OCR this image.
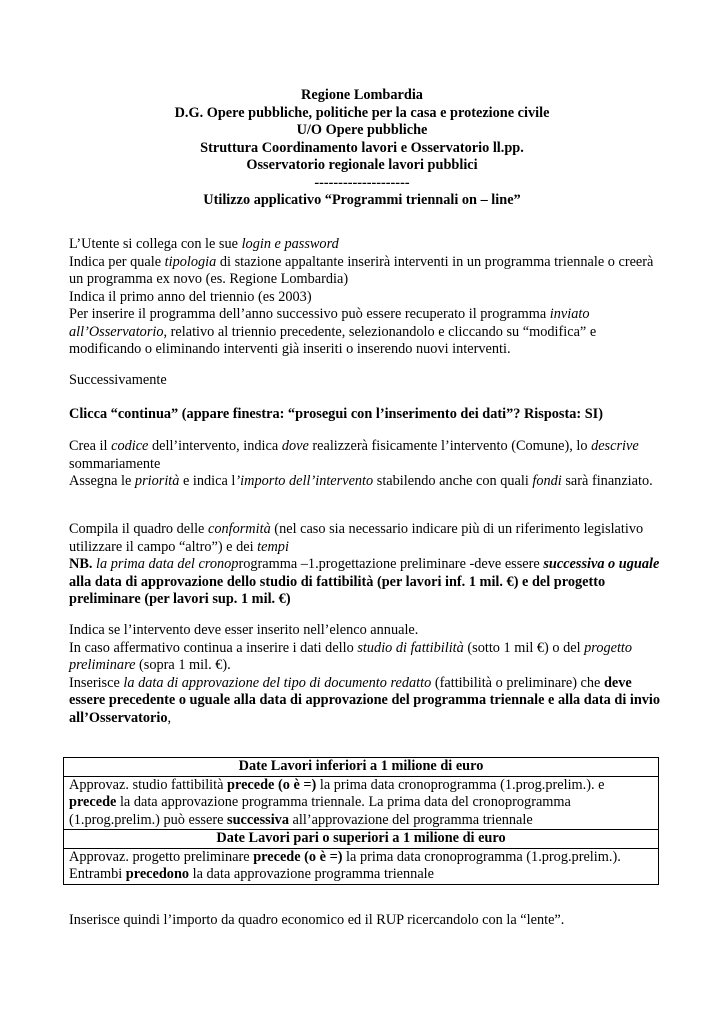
Regione Lombardia
D.G. Opere pubbliche, politiche per la casa e protezione civile
U/O Opere pubbliche
Struttura Coordinamento lavori e Osservatorio ll.pp.
Osservatorio regionale lavori pubblici
--------------------
Utilizzo applicativo “Programmi triennali on – line”

L’Utente si collega con le sue login e password

Indica per quale tipologia di stazione appaltante inserirà interventi in un programma triennale o creerà un programma ex novo (es. Regione Lombardia)

Indica il primo anno del triennio (es 2003)

Per inserire il programma dell’anno successivo può essere recuperato il programma inviato all’Osservatorio, relativo al triennio precedente, selezionandolo e cliccando su “modifica” e modificando o eliminando interventi già inseriti o inserendo nuovi interventi.

Successivamente

Clicca “continua” (appare finestra: “prosegui con l’inserimento dei dati”? Risposta: SI)

Crea il codice dell’intervento, indica dove realizzerà fisicamente l’intervento (Comune), lo descrive sommariamente

Assegna le priorità e indica l’importo dell’intervento stabilendo anche con quali fondi sarà finanziato.

Compila il quadro delle conformità (nel caso sia necessario indicare più di un riferimento legislativo utilizzare il campo “altro”) e dei tempi

NB. la prima data del cronoprogramma –1.progettazione preliminare -deve essere successiva o uguale alla data di approvazione dello studio di fattibilità (per lavori inf. 1 mil. €) e del progetto preliminare (per lavori sup. 1 mil. €)

Indica se l’intervento deve esser inserito nell’elenco annuale.

In caso affermativo continua a inserire i dati dello studio di fattibilità (sotto 1 mil €) o del progetto preliminare (sopra 1 mil. €).

Inserisce la data di approvazione del tipo di documento redatto (fattibilità o preliminare) che deve essere precedente o uguale alla data di approvazione del programma triennale e alla data di invio all’Osservatorio,

Date Lavori inferiori a 1 milione di euro
Approvaz. studio fattibilità precede (o è =) la prima data cronoprogramma (1.prog.prelim.). e precede la data approvazione programma triennale. La prima data del cronoprogramma (1.prog.prelim.) può essere successiva all’approvazione del programma triennale
Date Lavori pari o superiori a 1 milione di euro
Approvaz. progetto preliminare precede (o è =) la prima data cronoprogramma (1.prog.prelim.). Entrambi precedono la data approvazione programma triennale

Inserisce quindi l’importo da quadro economico ed il RUP ricercandolo con la “lente”.
